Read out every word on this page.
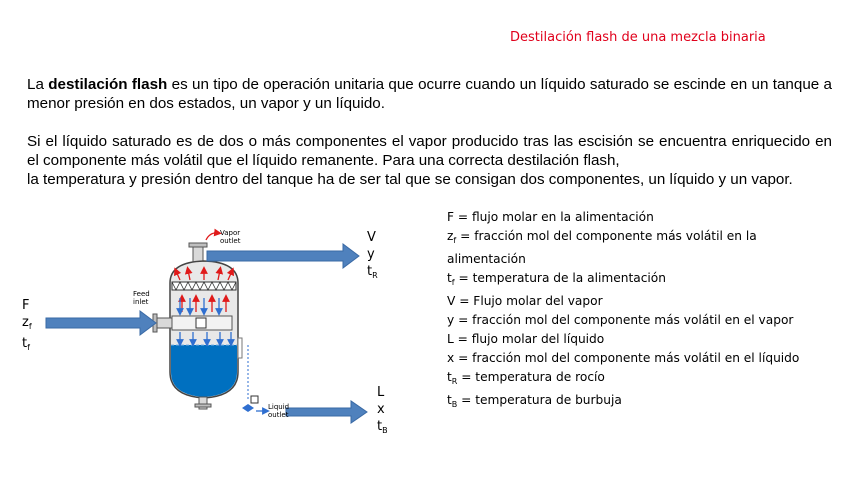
Destilación flash de una mezcla binaria
La destilación flash es un tipo de operación unitaria que ocurre cuando un líquido saturado se escinde en un tanque a menor presión en dos estados, un vapor y un líquido.
Si el líquido saturado es de dos o más componentes el vapor producido tras las escisión se encuentra enriquecido en el componente más volátil que el líquido remanente. Para una correcta destilación flash,
la temperatura y presión dentro del tanque ha de ser tal que se consigan dos componentes, un líquido y un vapor.
Vapor outlet
Feed inlet
Liquid outlet
F
$z_f$
$t_f$
V
y
$t_R$
L
x
$t_B$
F = flujo molar en la alimentación
$z_f$ = fracción mol del componente más volátil en la
alimentación
$t_f$ = temperatura de la alimentación
V = Flujo molar del vapor
y = fracción mol del componente más volátil en el vapor
L = flujo molar del líquido
x = fracción mol del componente más volátil en el líquido
$t_R$ = temperatura de rocío
$t_B$ = temperatura de burbuja
